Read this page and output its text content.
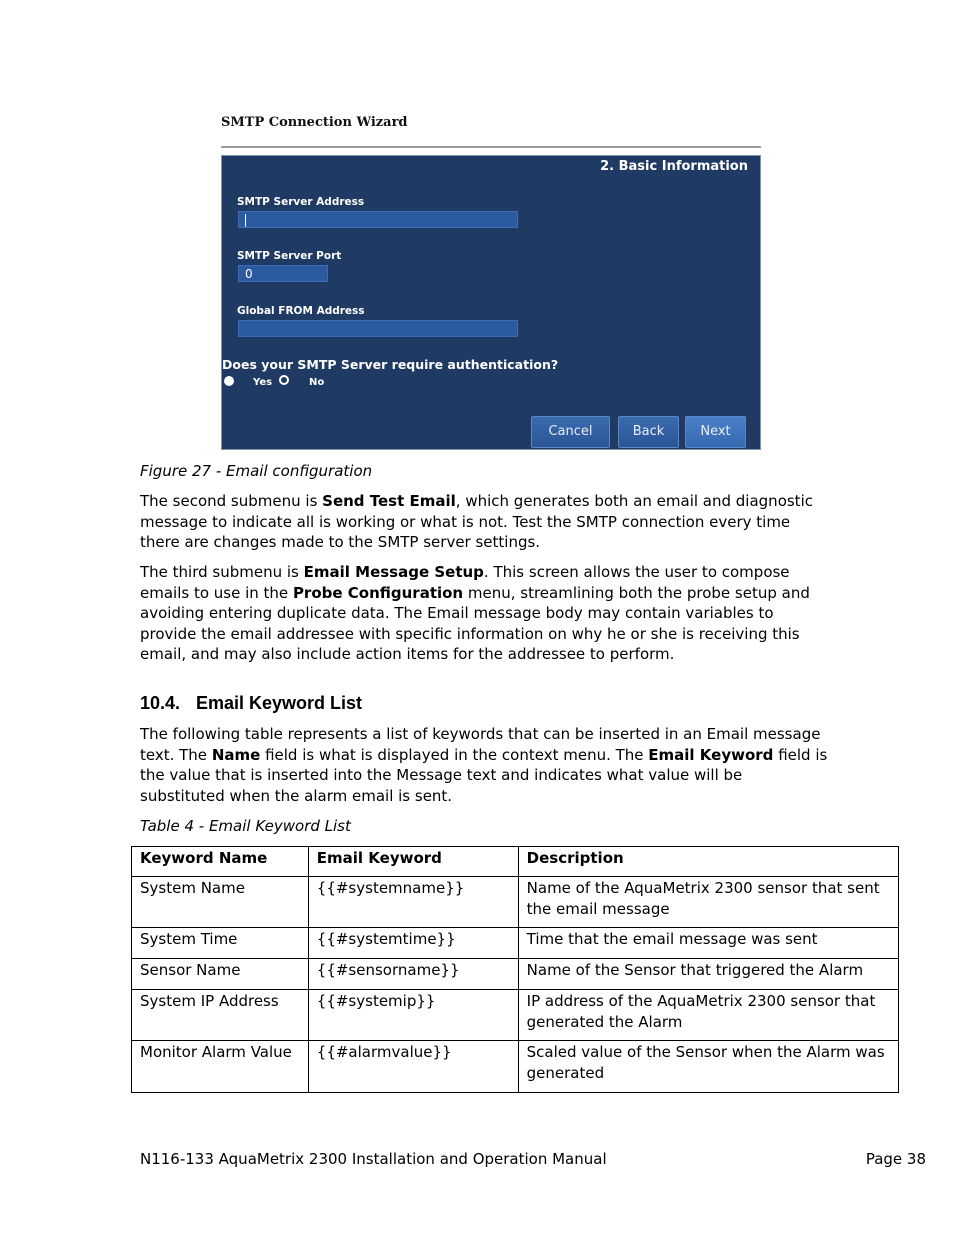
SMTP Connection Wizard
2. Basic Information
SMTP Server Address
SMTP Server Port
0
Global FROM Address
Does your SMTP Server require authentication?
Yes	No
Cancel	Back	Next
Figure 27 - Email configuration
The second submenu is Send Test Email, which generates both an email and diagnostic message to indicate all is working or what is not. Test the SMTP connection every time there are changes made to the SMTP server settings.
The third submenu is Email Message Setup. This screen allows the user to compose emails to use in the Probe Configuration menu, streamlining both the probe setup and avoiding entering duplicate data. The Email message body may contain variables to provide the email addressee with specific information on why he or she is receiving this email, and may also include action items for the addressee to perform.
10.4. Email Keyword List
The following table represents a list of keywords that can be inserted in an Email message text. The Name field is what is displayed in the context menu. The Email Keyword field is the value that is inserted into the Message text and indicates what value will be substituted when the alarm email is sent.
Table 4 - Email Keyword List
Keyword Name	Email Keyword	Description
System Name	{{#systemname}}	Name of the AquaMetrix 2300 sensor that sent the email message
System Time	{{#systemtime}}	Time that the email message was sent
Sensor Name	{{#sensorname}}	Name of the Sensor that triggered the Alarm
System IP Address	{{#systemip}}	IP address of the AquaMetrix 2300 sensor that generated the Alarm
Monitor Alarm Value	{{#alarmvalue}}	Scaled value of the Sensor when the Alarm was generated
N116-133 AquaMetrix 2300 Installation and Operation Manual	Page 38
